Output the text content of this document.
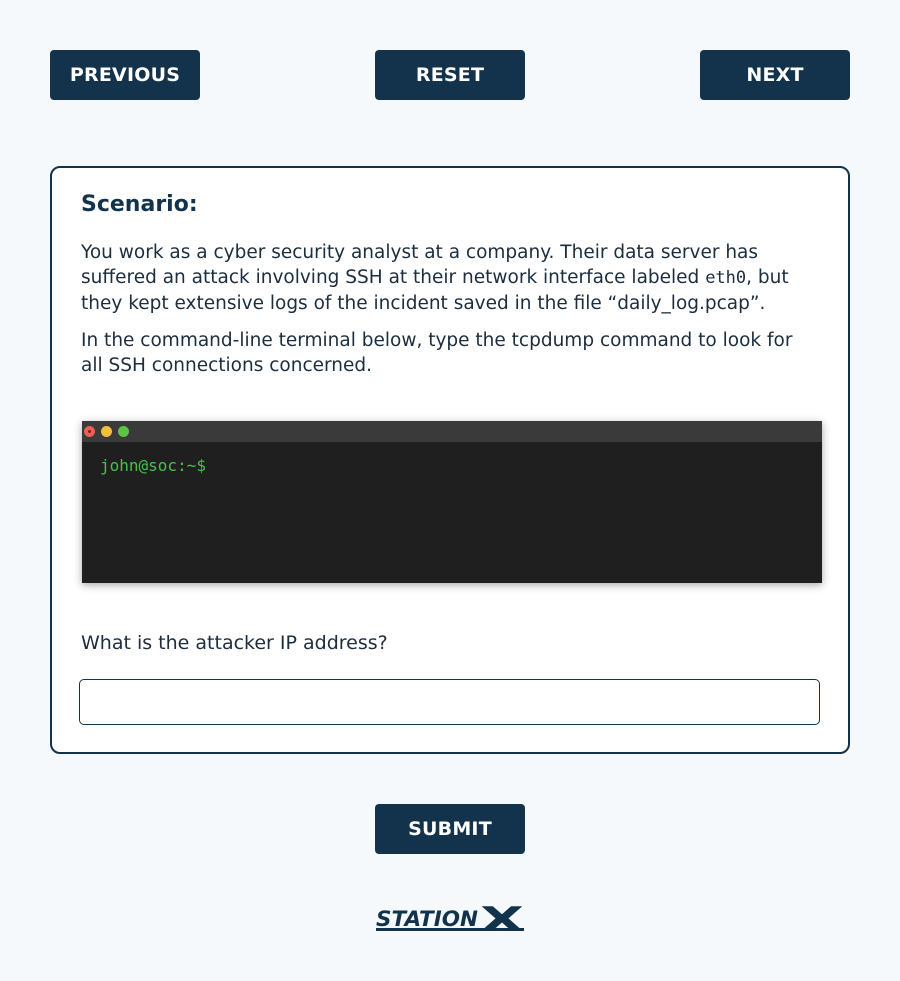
PREVIOUS	RESET	NEXT
Scenario:

You work as a cyber security analyst at a company. Their data server has suffered an attack involving SSH at their network interface labeled eth0, but they kept extensive logs of the incident saved in the file “daily_log.pcap”.

In the command-line terminal below, type the tcpdump command to look for all SSH connections concerned.

john@soc:~$

What is the attacker IP address?

SUBMIT
STATION X
